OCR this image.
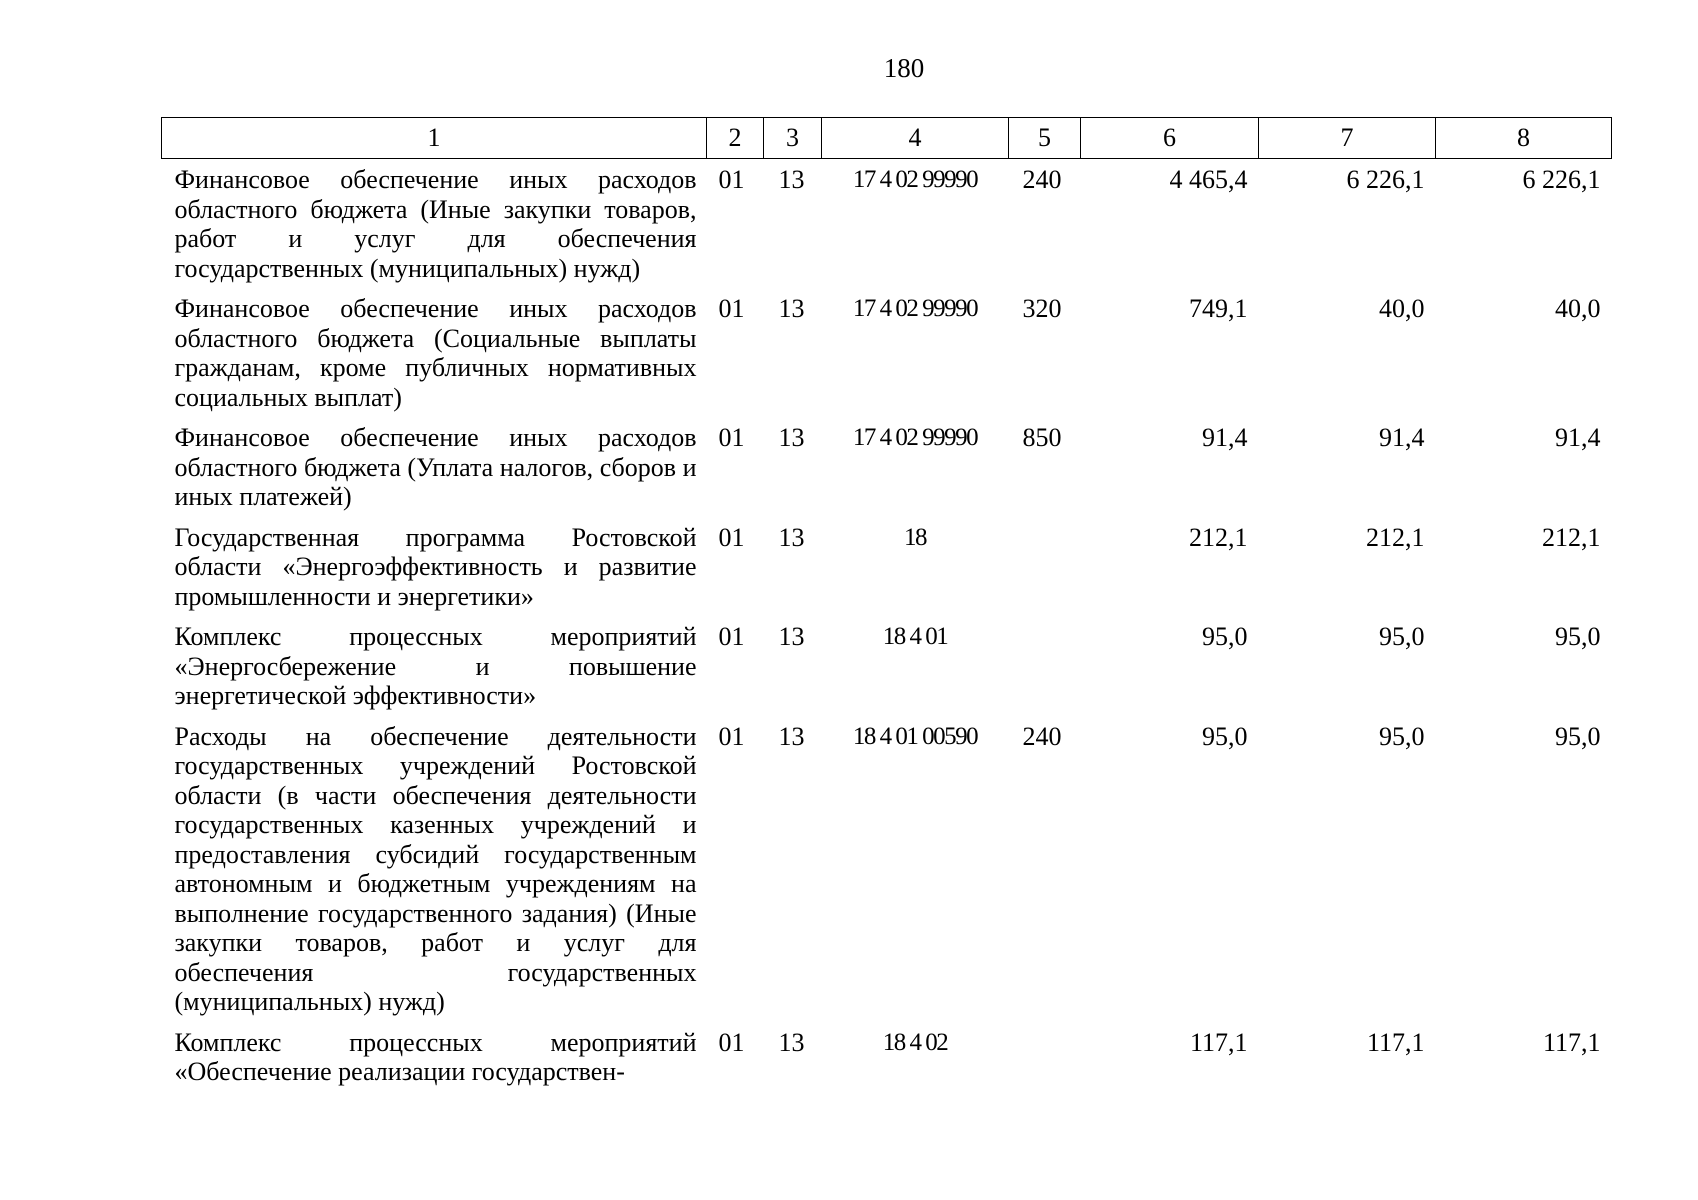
180
1	2	3	4	5	6	7	8
Финансовое обеспечение иных расходов областного бюджета (Иные закупки товаров, работ и услуг для обеспечения государственных (муниципальных) нужд)	01	13	17 4 02 99990	240	4 465,4	6 226,1	6 226,1
Финансовое обеспечение иных расходов областного бюджета (Социальные выплаты гражданам, кроме публичных нормативных социальных выплат)	01	13	17 4 02 99990	320	749,1	40,0	40,0
Финансовое обеспечение иных расходов областного бюджета (Уплата налогов, сборов и иных платежей)	01	13	17 4 02 99990	850	91,4	91,4	91,4
Государственная программа Ростовской области «Энергоэффективность и развитие промышленности и энергетики»	01	13	18		212,1	212,1	212,1
Комплекс процессных мероприятий «Энергосбережение и повышение энергетической эффективности»	01	13	18 4 01		95,0	95,0	95,0
Расходы на обеспечение деятельности государственных учреждений Ростовской области (в части обеспечения деятельности государственных казенных учреждений и предоставления субсидий государственным автономным и бюджетным учреждениям на выполнение государственного задания) (Иные закупки товаров, работ и услуг для обеспечения государственных (муниципальных) нужд)	01	13	18 4 01 00590	240	95,0	95,0	95,0
Комплекс процессных мероприятий «Обеспечение реализации государствен-	01	13	18 4 02		117,1	117,1	117,1
